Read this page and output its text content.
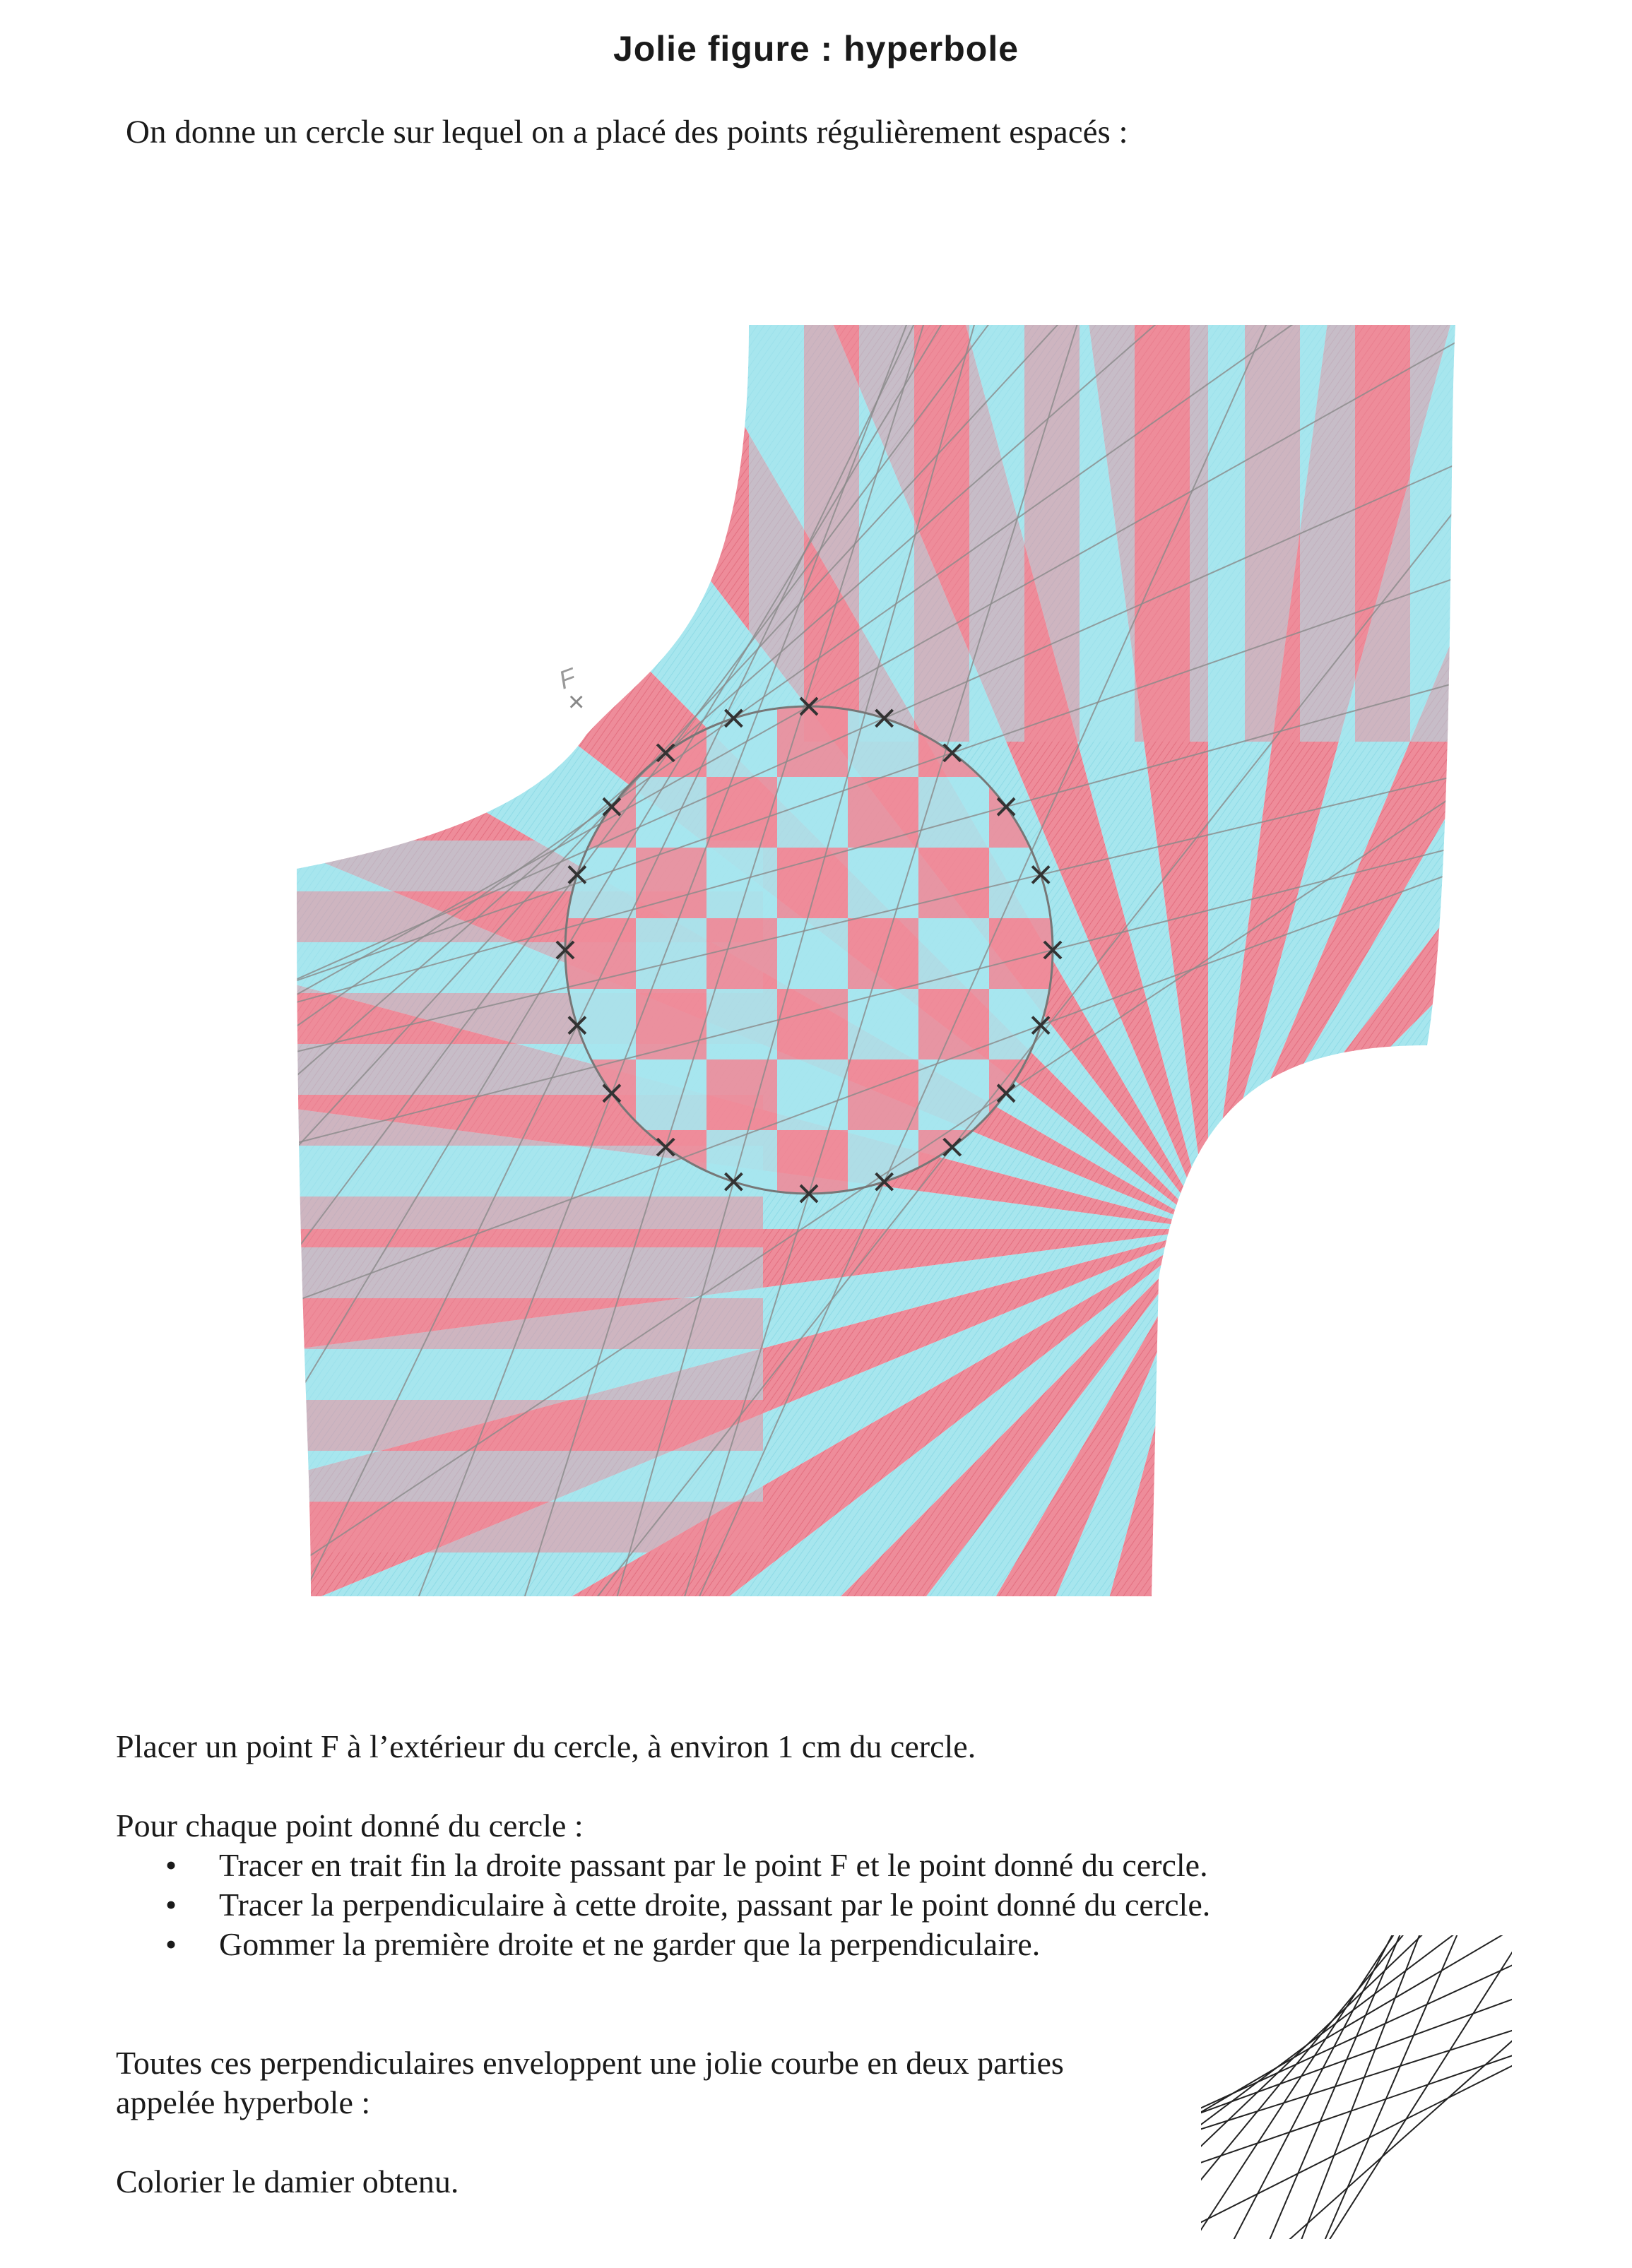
Jolie figure : hyperbole
On donne un cercle sur lequel on a placé des points régulièrement espacés :
F
×

Placer un point F à l’extérieur du cercle, à environ 1 cm du cercle.

Pour chaque point donné du cercle :

• Tracer en trait fin la droite passant par le point F et le point donné du cercle.
• Tracer la perpendiculaire à cette droite, passant par le point donné du cercle.
• Gommer la première droite et ne garder que la perpendiculaire.

Toutes ces perpendiculaires enveloppent une jolie courbe en deux parties

appelée hyperbole :

Colorier le damier obtenu.
